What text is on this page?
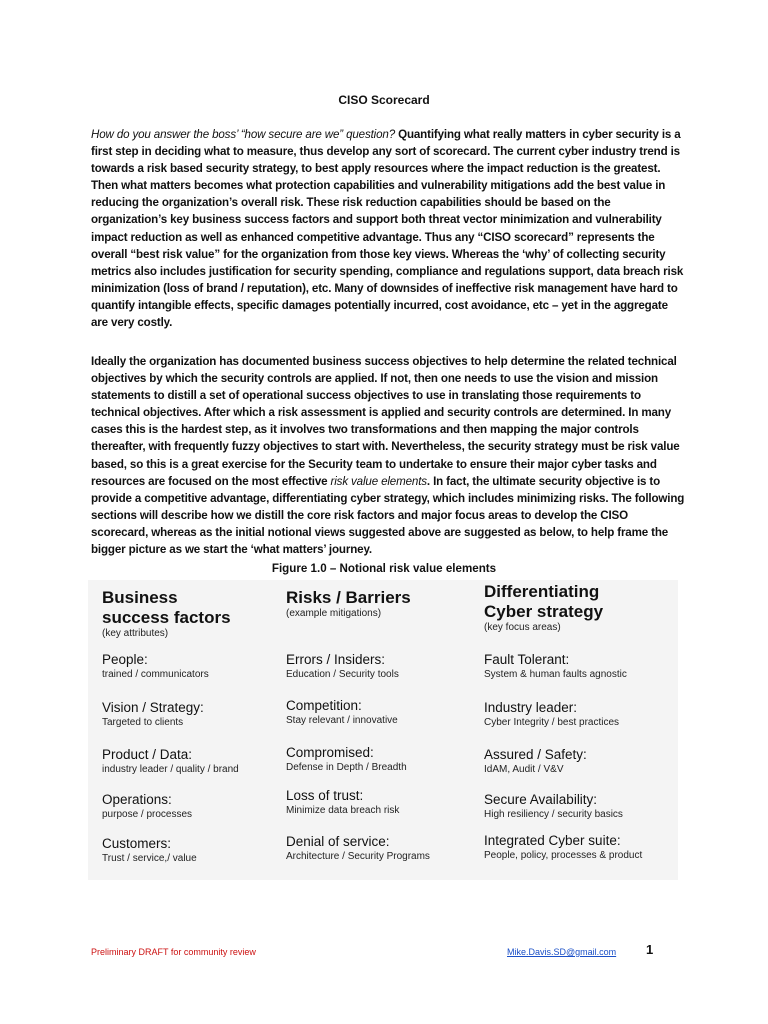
CISO Scorecard
How do you answer the boss’ “how secure are we” question? Quantifying what really matters in cyber security is a first step in deciding what to measure, thus develop any sort of scorecard. The current cyber industry trend is towards a risk based security strategy, to best apply resources where the impact reduction is the greatest. Then what matters becomes what protection capabilities and vulnerability mitigations add the best value in reducing the organization’s overall risk. These risk reduction capabilities should be based on the organization’s key business success factors and support both threat vector minimization and vulnerability impact reduction as well as enhanced competitive advantage. Thus any “CISO scorecard” represents the overall “best risk value” for the organization from those key views. Whereas the ‘why’ of collecting security metrics also includes justification for security spending, compliance and regulations support, data breach risk minimization (loss of brand / reputation), etc. Many of downsides of ineffective risk management have hard to quantify intangible effects, specific damages potentially incurred, cost avoidance, etc – yet in the aggregate are very costly.
Ideally the organization has documented business success objectives to help determine the related technical objectives by which the security controls are applied. If not, then one needs to use the vision and mission statements to distill a set of operational success objectives to use in translating those requirements to technical objectives. After which a risk assessment is applied and security controls are determined. In many cases this is the hardest step, as it involves two transformations and then mapping the major controls thereafter, with frequently fuzzy objectives to start with. Nevertheless, the security strategy must be risk value based, so this is a great exercise for the Security team to undertake to ensure their major cyber tasks and resources are focused on the most effective risk value elements. In fact, the ultimate security objective is to provide a competitive advantage, differentiating cyber strategy, which includes minimizing risks. The following sections will describe how we distill the core risk factors and major focus areas to develop the CISO scorecard, whereas as the initial notional views suggested above are suggested as below, to help frame the bigger picture as we start the ‘what matters’ journey.
Figure 1.0 – Notional risk value elements
Business
success factors
(key attributes)
People:
trained / communicators
Vision / Strategy:
Targeted to clients
Product / Data:
industry leader / quality / brand
Operations:
purpose / processes
Customers:
Trust / service,/ value
Risks / Barriers
(example mitigations)
Errors / Insiders:
Education / Security tools
Competition:
Stay relevant / innovative
Compromised:
Defense in Depth / Breadth
Loss of trust:
Minimize data breach risk
Denial of service:
Architecture / Security Programs
Differentiating
Cyber strategy
(key focus areas)
Fault Tolerant:
System & human faults agnostic
Industry leader:
Cyber Integrity / best practices
Assured / Safety:
IdAM, Audit / V&V
Secure Availability:
High resiliency / security basics
Integrated Cyber suite:
People, policy, processes & product
Preliminary DRAFT for community review	Mike.Davis.SD@gmail.com 1
